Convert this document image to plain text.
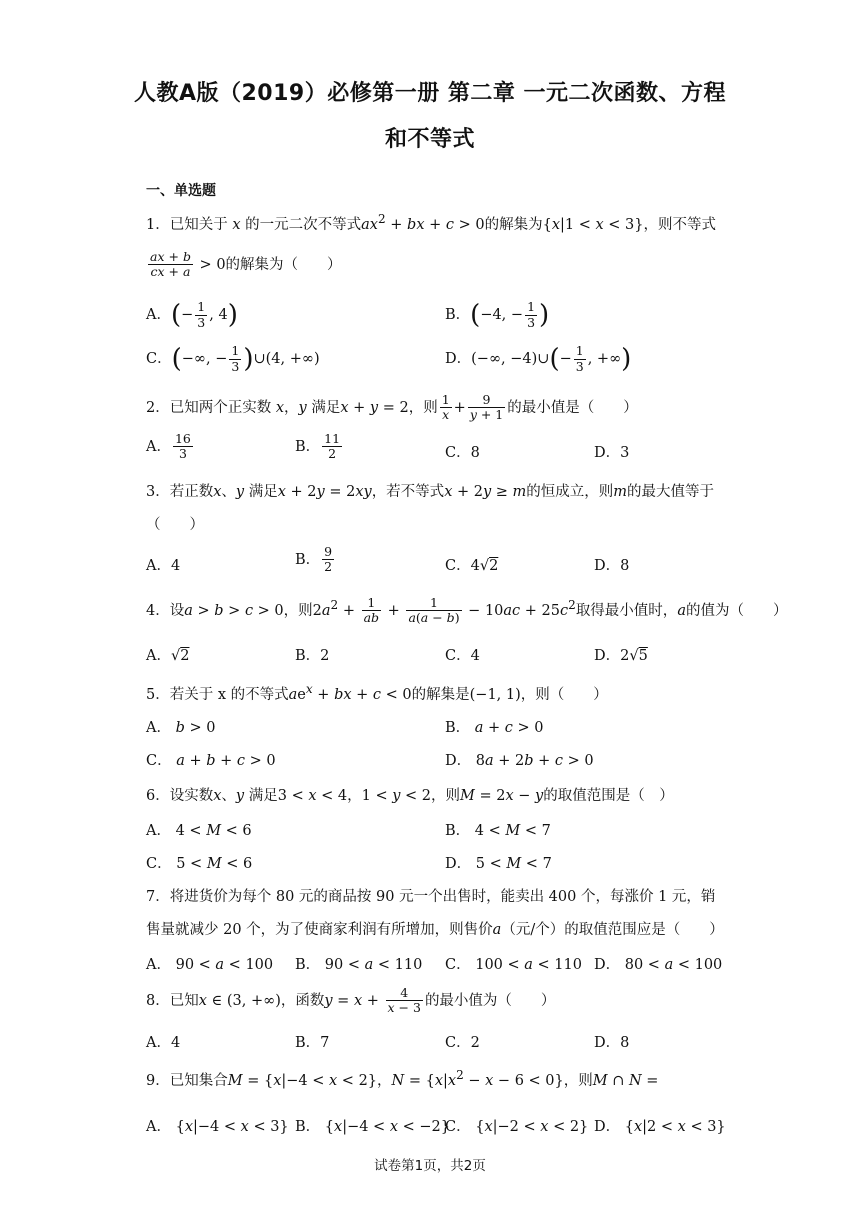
人教A版（2019）必修第一册 第二章 一元二次函数、方程
和不等式
一、单选题
1．已知关于 x 的一元二次不等式$ax^2$ + bx + c > 0的解集为{x|1 < x < 3}，则不等式
$\frac{ax + b}{cx + a} > 0$的解集为（　　）
A．(− $\frac{1}{3}$ , 4)	B．(−4, − $\frac{1}{3}$ )
C．(−∞, − $\frac{1}{3}$ )∪(4, +∞)	D．(−∞, −4)∪(− $\frac{1}{3}$ , +∞)
2．已知两个正实数 x，y 满足x + y = 2，则 $\frac{1}{x} + \frac{9}{y + 1}$ 的最小值是（　　）
A． $\frac{16}{3}$	B． $\frac{11}{2}$	C．8	D．3
3．若正数x、y 满足x + 2y = 2xy，若不等式x + 2y ≥ m的恒成立，则m的最大值等于
（　　）
A．4	B． $\frac{9}{2}$	C．4√2	D．8
4．设a > b > c > 0，则$2a^2 + \frac{1}{ab} + \frac{1}{a(a - b)} - 10ac + 25c^2$取得最小值时，a的值为（　　）
A．√2	B．2	C．4	D．2√5
5．若关于 x 的不等式$ae^x$ + bx + c < 0的解集是(−1, 1)，则（　　）
A． b > 0	B． a + c > 0
C． a + b + c > 0	D． 8a + 2b + c > 0
6．设实数x、y 满足3 < x < 4，1 < y < 2，则M = 2x − y的取值范围是（　）
A． 4 < M < 6	B． 4 < M < 7
C． 5 < M < 6	D． 5 < M < 7
7．将进货价为每个 80 元的商品按 90 元一个出售时，能卖出 400 个，每涨价 1 元，销
售量就减少 20 个，为了使商家利润有所增加，则售价a（元/个）的取值范围应是（　　）
A． 90 < a < 100 B． 90 < a < 110 C． 100 < a < 110 D． 80 < a < 100
8．已知x ∈ (3, +∞)，函数$y = x + \frac{4}{x - 3}$ 的最小值为（　　）
A．4	B．7	C．2	D．8
9．已知集合M = {x|−4 < x < 2}，$N = \{x|x^2 - x - 6 < 0\}$，则M ∩ N =
A． {x|−4 < x < 3} B． {x|−4 < x < −2}
C． {x|−2 < x < 2} D． {x|2 < x < 3}
试卷第1页，共2页
